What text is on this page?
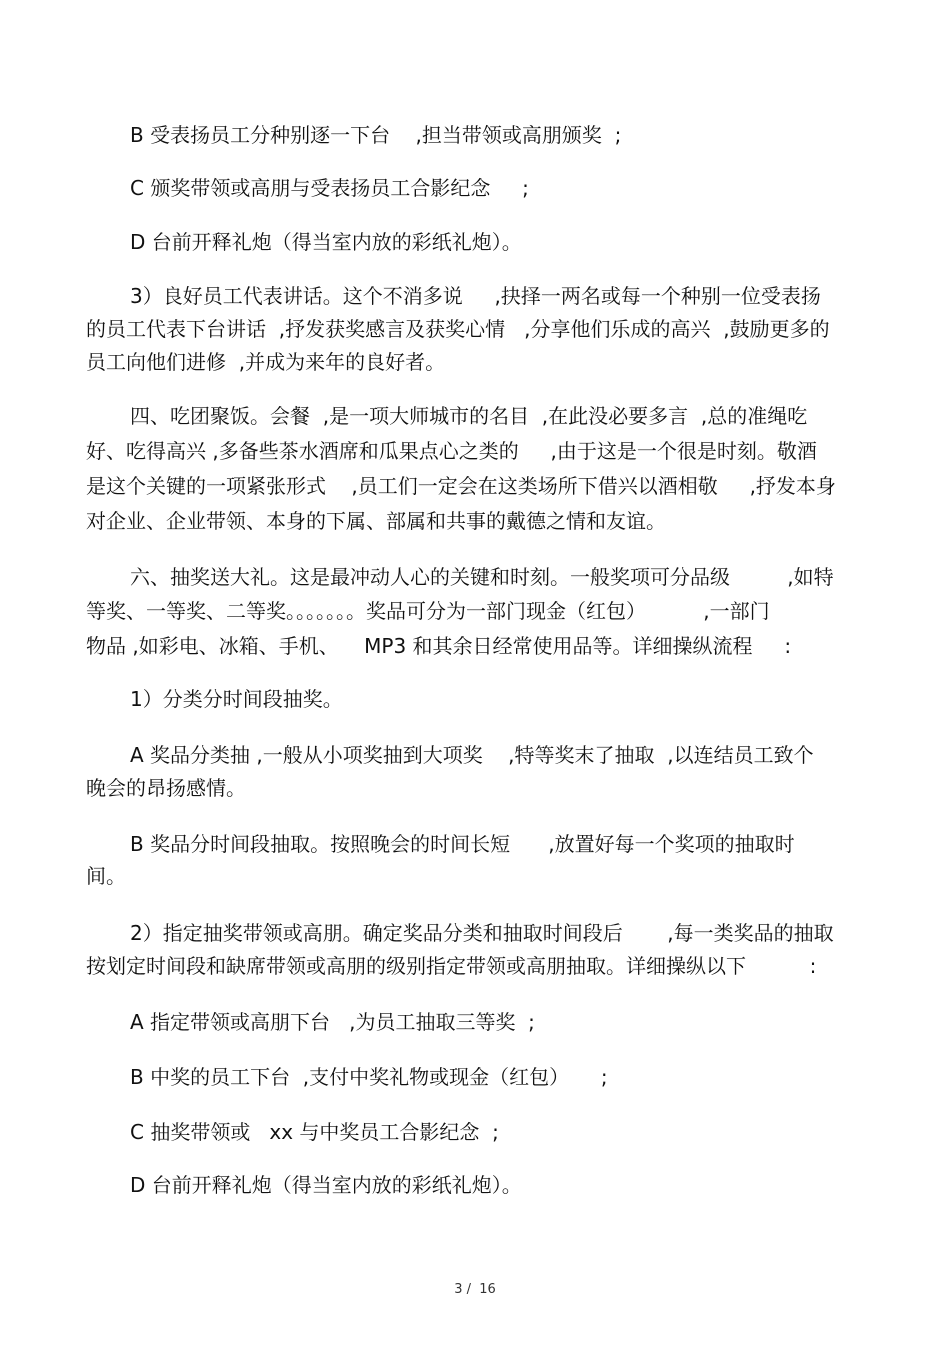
B 受表扬员工分种别逐一下台    ,担当带领或高朋颁奖  ;
C 颁奖带领或高朋与受表扬员工合影纪念     ;
D 台前开释礼炮（得当室内放的彩纸礼炮）。
3）良好员工代表讲话。这个不消多说     ,抉择一两名或每一个种别一位受表扬
的员工代表下台讲话  ,抒发获奖感言及获奖心情   ,分享他们乐成的高兴  ,鼓励更多的
员工向他们进修  ,并成为来年的良好者。
四、吃团聚饭。会餐  ,是一项大师城市的名目  ,在此没必要多言  ,总的准绳吃
好、吃得高兴 ,多备些茶水酒席和瓜果点心之类的     ,由于这是一个很是时刻。敬酒
是这个关键的一项紧张形式    ,员工们一定会在这类场所下借兴以酒相敬     ,抒发本身
对企业、企业带领、本身的下属、部属和共事的戴德之情和友谊。
六、抽奖送大礼。这是最冲动人心的关键和时刻。一般奖项可分品级         ,如特
等奖、一等奖、二等奖。。。。。。。奖品可分为一部门现金（红包）         ,一部门
物品 ,如彩电、冰箱、手机、    MP3 和其余日经常使用品等。详细操纵流程     :
1）分类分时间段抽奖。
A 奖品分类抽 ,一般从小项奖抽到大项奖    ,特等奖末了抽取  ,以连结员工致个
晚会的昂扬感情。
B 奖品分时间段抽取。按照晚会的时间长短      ,放置好每一个奖项的抽取时
间。
2）指定抽奖带领或高朋。确定奖品分类和抽取时间段后       ,每一类奖品的抽取
按划定时间段和缺席带领或高朋的级别指定带领或高朋抽取。详细操纵以下          :
A 指定带领或高朋下台   ,为员工抽取三等奖  ;
B 中奖的员工下台  ,支付中奖礼物或现金（红包）     ;
C 抽奖带领或   xx 与中奖员工合影纪念  ;
D 台前开释礼炮（得当室内放的彩纸礼炮）。
3 /  16
